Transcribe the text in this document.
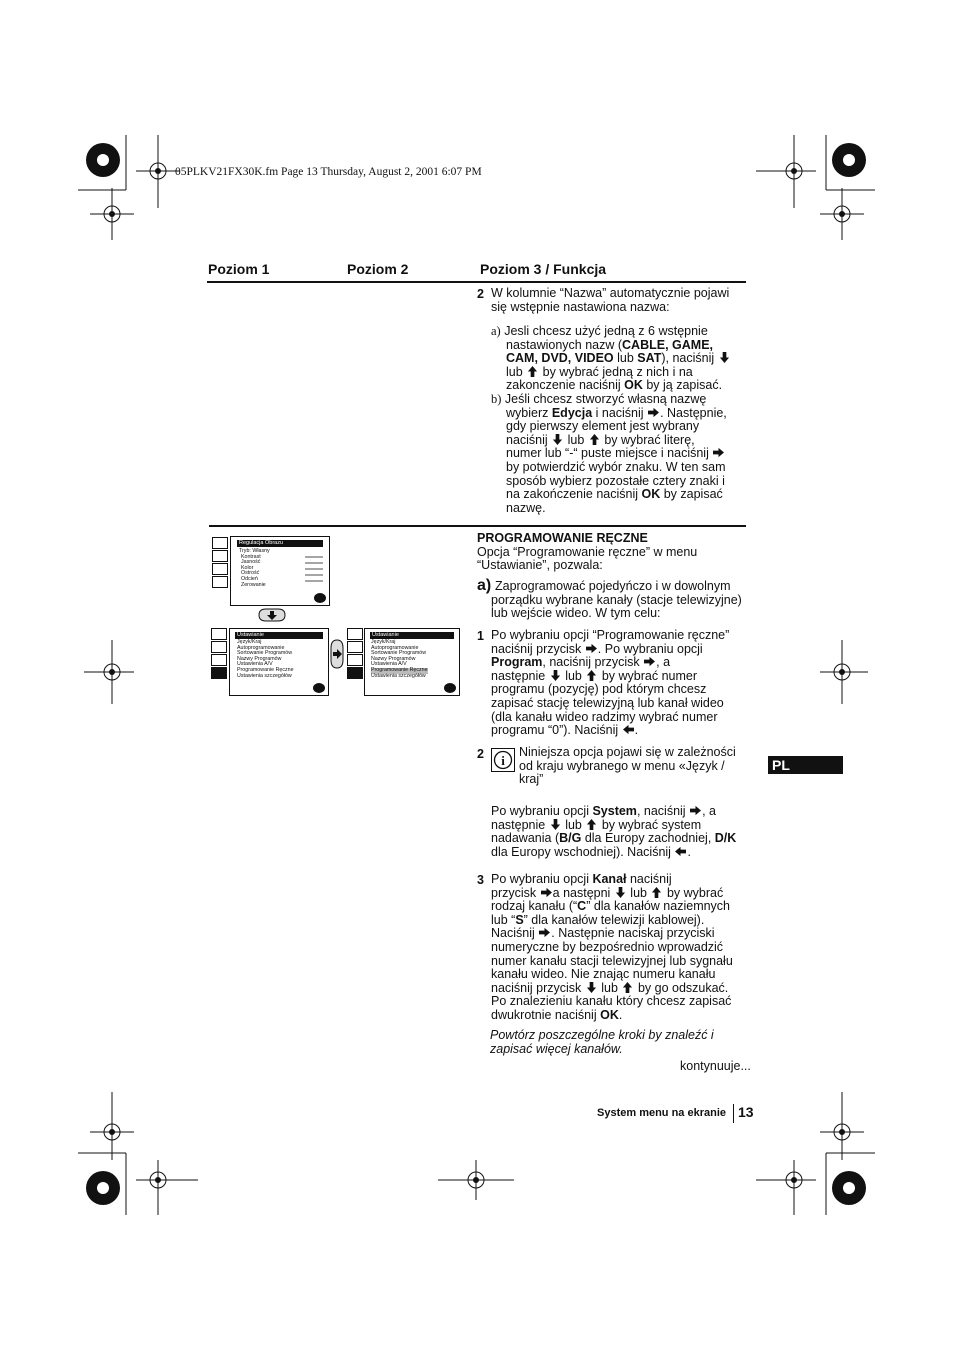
05PLKV21FX30K.fm Page 13 Thursday, August 2, 2001 6:07 PM
Poziom 1	Poziom 2	Poziom 3 / Funkcja
2 W kolumnie “Nazwa” automatycznie pojawi
się wstępnie nastawiona nazwa:
a) Jesli chcesz użyć jedną z 6 wstępnie
nastawionych nazw (CABLE, GAME,
CAM, DVD, VIDEO lub SAT), naciśnij
lub by wybrać jedną z nich i na
zakonczenie naciśnij OK by ją zapisać.
b) Jeśli chcesz stworzyć własną nazwę
wybierz Edycja i naciśnij . Następnie,
gdy pierwszy element jest wybrany
naciśnij lub by wybrać literę,
numer lub “-“ puste miejsce i naciśnij
by potwierdzić wybór znaku. W ten sam
sposób wybierz pozostałe cztery znaki i
na zakończenie naciśnij OK by zapisać
nazwę.
Regulacja Obrazu
Tryb: Własny
Kontrast
Jasność
Kolor
Ostrość
Odcień
Zerowanie
Ustawianie
Język/Kraj
Autoprogramowanie
Sortowanie Programów
Nazwy Programów
Ustawienia A/V
Programowanie Ręczne
Ustawienia szczegółów
Ustawianie
Język/Kraj
Autoprogramowanie
Sortowanie Programów
Nazwy Programów
Ustawienia A/V
Programowanie Ręczne
Ustawienia szczegółów
PROGRAMOWANIE RĘCZNE
Opcja “Programowanie ręczne” w menu
“Ustawianie”, pozwala:
a) Zaprogramować pojedyńczo i w dowolnym
porządku wybrane kanały (stacje telewizyjne)
lub wejście wideo. W tym celu:
1 Po wybraniu opcji “Programowanie ręczne”
naciśnij przycisk . Po wybraniu opcji
Program, naciśnij przycisk , a
następnie lub by wybrać numer
programu (pozycję) pod którym chcesz
zapisać stację telewizyjną lub kanał wideo
(dla kanału wideo radzimy wybrać numer
programu “0”). Naciśnij .
2 i
Niniejsza opcja pojawi się w zależności
od kraju wybranego w menu «Język /
kraj”
Po wybraniu opcji System, naciśnij , a
następnie lub by wybrać system
nadawania (B/G dla Europy zachodniej, D/K
dla Europy wschodniej). Naciśnij .
3 Po wybraniu opcji Kanał naciśnij
przycisk a następni lub by wybrać
rodzaj kanału (“C” dla kanałów naziemnych
lub “S” dla kanałów telewizji kablowej).
Naciśnij . Następnie naciskaj przyciski
numeryczne by bezpośrednio wprowadzić
numer kanału stacji telewizyjnej lub sygnału
kanału wideo. Nie znając numeru kanału
naciśnij przycisk lub by go odszukać.
Po znalezieniu kanału który chcesz zapisać
dwukrotnie naciśnij OK.
Powtórz poszczególne kroki by znaleźć i
zapisać więcej kanałów.
kontynuuje...
PL
System menu na ekranie 13
